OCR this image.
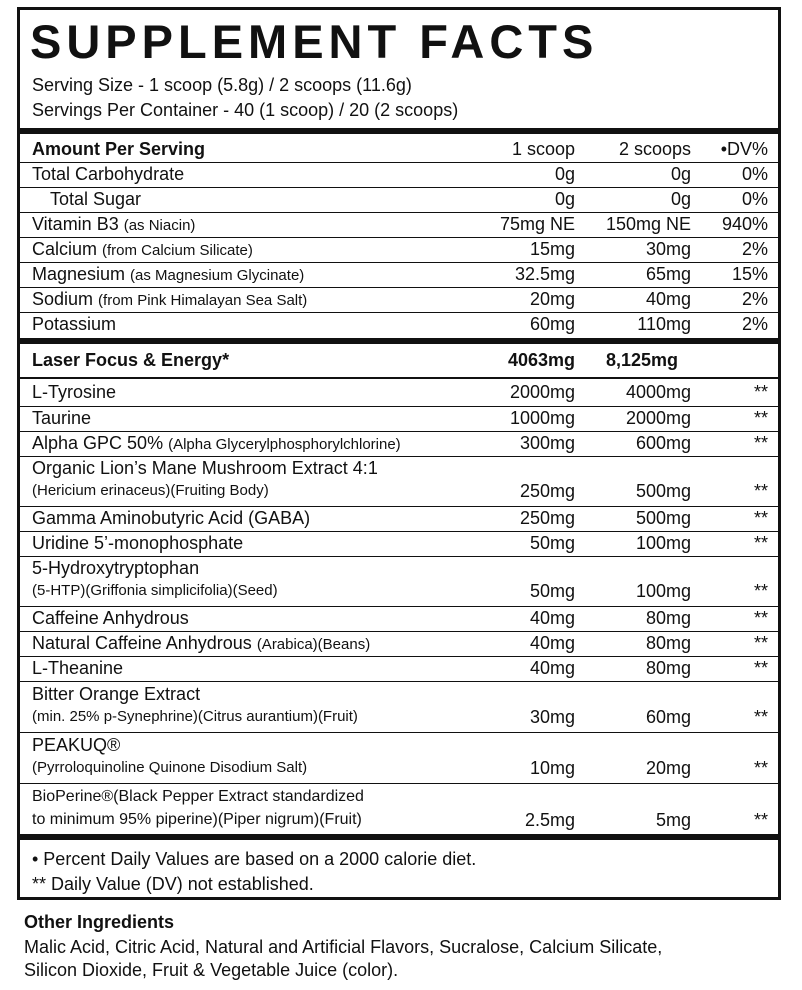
SUPPLEMENT FACTS
Serving Size - 1 scoop (5.8g) / 2 scoops (11.6g)
Servings Per Container - 40 (1 scoop) / 20 (2 scoops)
Amount Per Serving	1 scoop 2 scoops •DV%
Total Carbohydrate	0g	0g	0%
Total Sugar	0g	0g	0%
Vitamin B3 (as Niacin)	75mg NE 150mg NE 940%
Calcium (from Calcium Silicate)	15mg	30mg	2%
Magnesium (as Magnesium Glycinate)	32.5mg	65mg 15%
Sodium (from Pink Himalayan Sea Salt)	20mg	40mg	2%
Potassium	60mg	110mg	2%
Laser Focus & Energy*	4063mg 8,125mg
L-Tyrosine	2000mg	4000mg	**
Taurine	1000mg	2000mg	**
Alpha GPC 50% (Alpha Glycerylphosphorylchlorine)	300mg	600mg	**
Organic Lion’s Mane Mushroom Extract 4:1
(Hericium erinaceus)(Fruiting Body)	250mg	500mg	**
Gamma Aminobutyric Acid (GABA)	250mg	500mg	**
Uridine 5’-monophosphate	50mg	100mg	**
5-Hydroxytryptophan
(5-HTP)(Griffonia simplicifolia)(Seed)	50mg	100mg	**
Caffeine Anhydrous	40mg	80mg	**
Natural Caffeine Anhydrous (Arabica)(Beans)	40mg	80mg	**
L-Theanine	40mg	80mg	**
Bitter Orange Extract
(min. 25% p-Synephrine)(Citrus aurantium)(Fruit)	30mg	60mg	**
PEAKUQ®
(Pyrroloquinoline Quinone Disodium Salt)	10mg	20mg	**
BioPerine®(Black Pepper Extract standardized
to minimum 95% piperine)(Piper nigrum)(Fruit)	2.5mg	5mg	**
• Percent Daily Values are based on a 2000 calorie diet.
** Daily Value (DV) not established.
Other Ingredients
Malic Acid, Citric Acid, Natural and Artificial Flavors, Sucralose, Calcium Silicate,
Silicon Dioxide, Fruit & Vegetable Juice (color).
